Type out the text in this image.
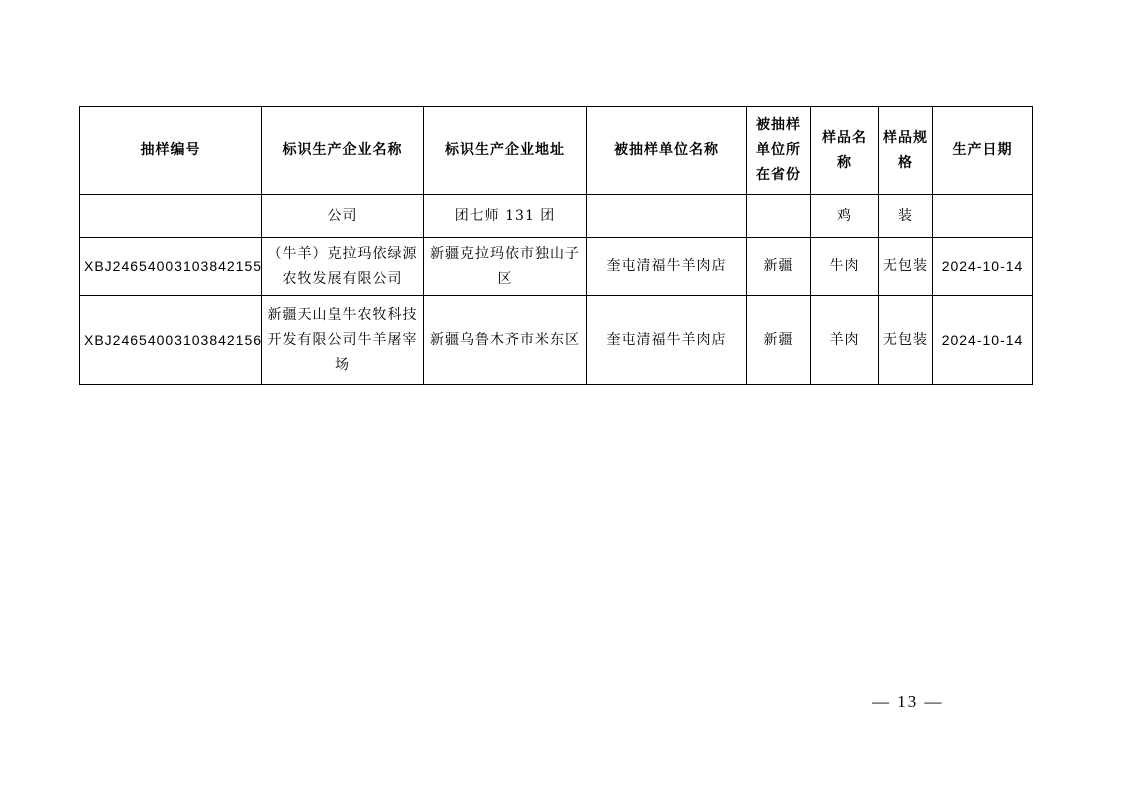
抽样编号	标识生产企业名称	标识生产企业地址	被抽样单位名称	被抽样单位所在省份	样品名称	样品规格	生产日期
	公司	团七师 131 团			鸡	装	
XBJ24654003103842155	（牛羊）克拉玛依绿源农牧发展有限公司	新疆克拉玛依市独山子区	奎屯清福牛羊肉店	新疆	牛肉	无包装	2024-10-14
XBJ24654003103842156	新疆天山皇牛农牧科技开发有限公司牛羊屠宰场	新疆乌鲁木齐市米东区	奎屯清福牛羊肉店	新疆	羊肉	无包装	2024-10-14
— 13 —
